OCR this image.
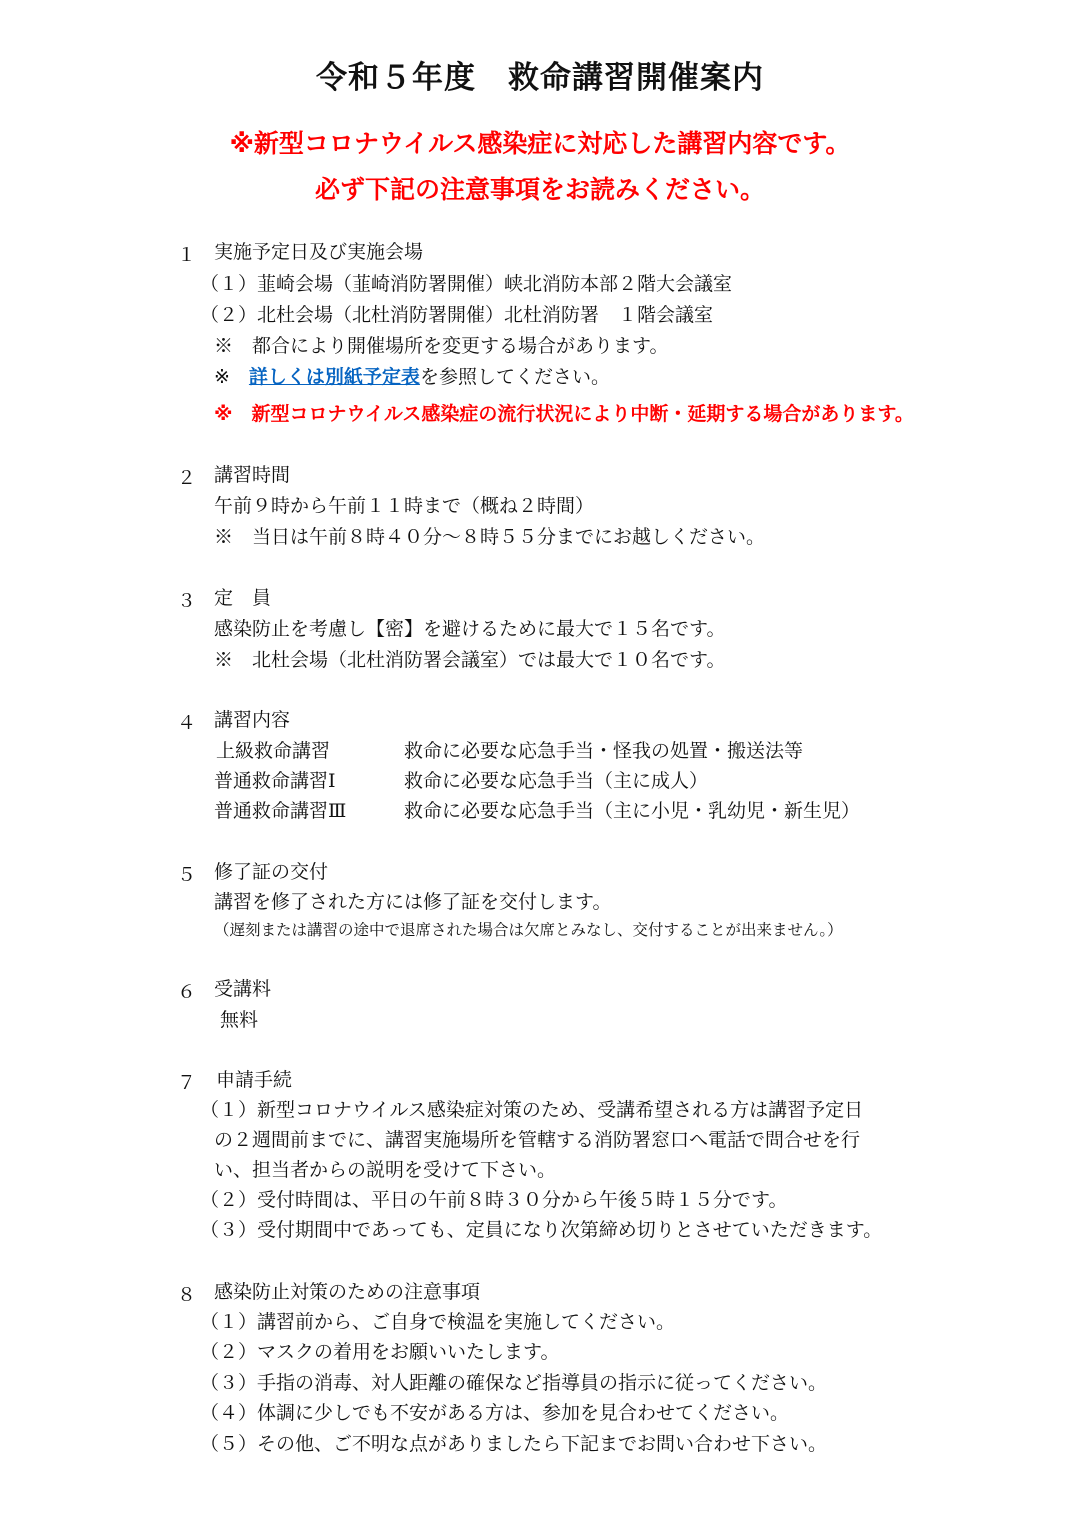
令和５年度　救命講習開催案内
※新型コロナウイルス感染症に対応した講習内容です。
必ず下記の注意事項をお読みください。
１ 実施予定日及び実施会場
（１）韮崎会場（韮崎消防署開催）峡北消防本部２階大会議室
（２）北杜会場（北杜消防署開催）北杜消防署　１階会議室
※　都合により開催場所を変更する場合があります。
※　詳しくは別紙予定表を参照してください。
※　新型コロナウイルス感染症の流行状況により中断・延期する場合があります。
２ 講習時間
午前９時から午前１１時まで（概ね２時間）
※　当日は午前８時４０分～８時５５分までにお越しください。
３ 定　員
感染防止を考慮し【密】を避けるために最大で１５名です。
※　北杜会場（北杜消防署会議室）では最大で１０名です。
４ 講習内容
上級救命講習	救命に必要な応急手当・怪我の処置・搬送法等
普通救命講習Ⅰ	救命に必要な応急手当（主に成人）
普通救命講習Ⅲ	救命に必要な応急手当（主に小児・乳幼児・新生児）
５ 修了証の交付
講習を修了された方には修了証を交付します。
（遅刻または講習の途中で退席された場合は欠席とみなし、交付することが出来ません。）
６ 受講料
無料
７ 申請手続
（１）新型コロナウイルス感染症対策のため、受講希望される方は講習予定日
の２週間前までに、講習実施場所を管轄する消防署窓口へ電話で問合せを行
い、担当者からの説明を受けて下さい。
（２）受付時間は、平日の午前８時３０分から午後５時１５分です。
（３）受付期間中であっても、定員になり次第締め切りとさせていただきます。
８ 感染防止対策のための注意事項
（１）講習前から、ご自身で検温を実施してください。
（２）マスクの着用をお願いいたします。
（３）手指の消毒、対人距離の確保など指導員の指示に従ってください。
（４）体調に少しでも不安がある方は、参加を見合わせてください。
（５）その他、ご不明な点がありましたら下記までお問い合わせ下さい。
